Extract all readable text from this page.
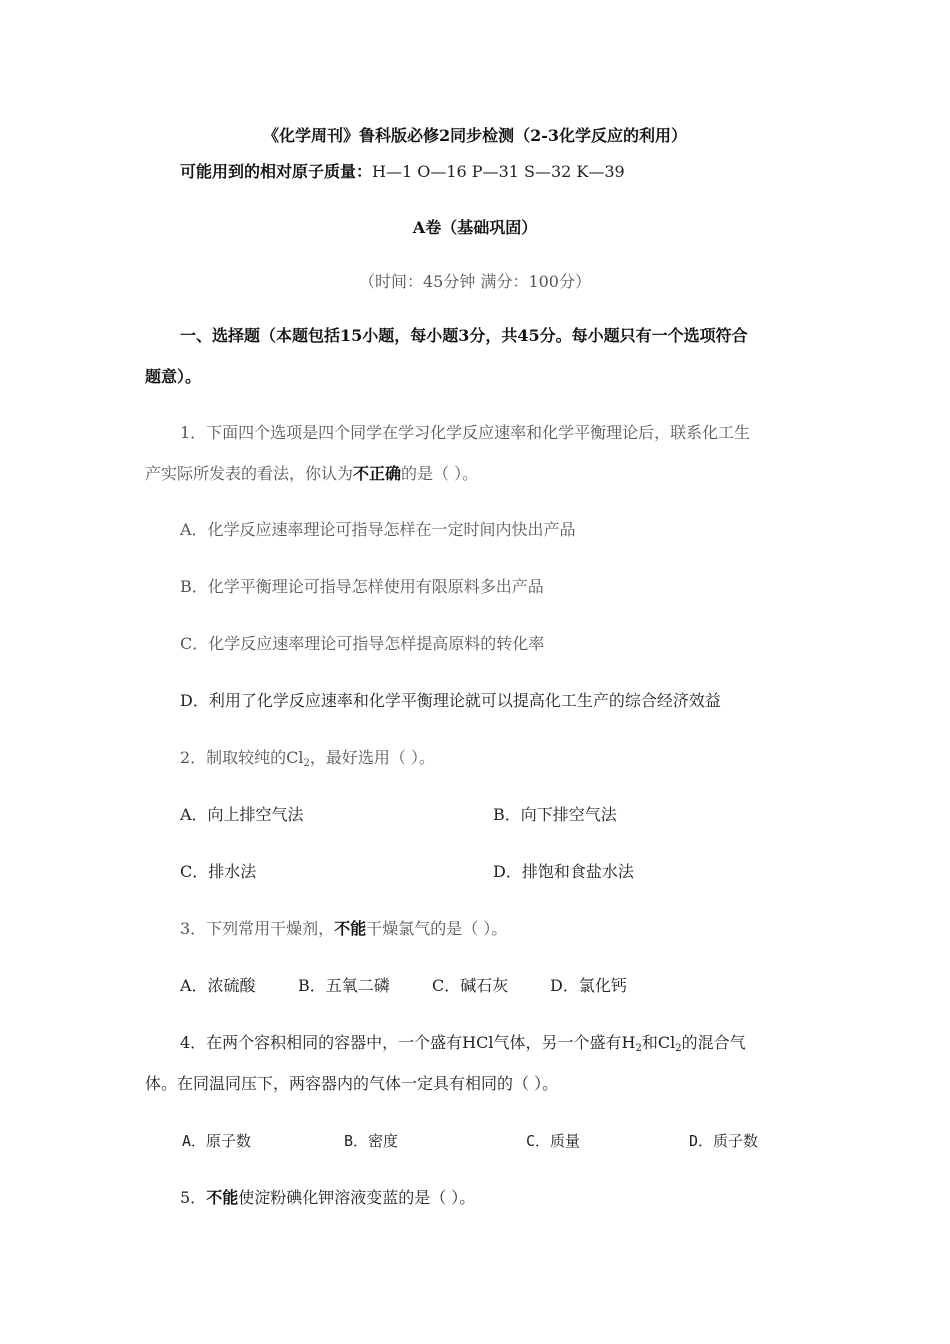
《化学周刊》鲁科版必修2同步检测（2-3化学反应的利用）
可能用到的相对原子质量：H—1 O—16 P—31 S—32 K—39
A卷（基础巩固）
（时间：45分钟 满分：100分）
一、选择题（本题包括15小题，每小题3分，共45分。每小题只有一个选项符合
题意）。
1．下面四个选项是四个同学在学习化学反应速率和化学平衡理论后，联系化工生
产实际所发表的看法，你认为不正确的是（ ）。
A．化学反应速率理论可指导怎样在一定时间内快出产品
B．化学平衡理论可指导怎样使用有限原料多出产品
C．化学反应速率理论可指导怎样提高原料的转化率
D．利用了化学反应速率和化学平衡理论就可以提高化工生产的综合经济效益
2．制取较纯的$Cl_2$，最好选用（ ）。
A．向上排空气法	B．向下排空气法
C．排水法	D．排饱和食盐水法
3．下列常用干燥剂，不能干燥氯气的是（ ）。
A．浓硫酸	B．五氧二磷	C．碱石灰	D．氯化钙
4．在两个容积相同的容器中，一个盛有HCl气体，另一个盛有$H_2$和$Cl_2$的混合气
体。在同温同压下，两容器内的气体一定具有相同的（ ）。
A．原子数	B．密度	C．质量	D．质子数
5．不能使淀粉碘化钾溶液变蓝的是（ ）。
